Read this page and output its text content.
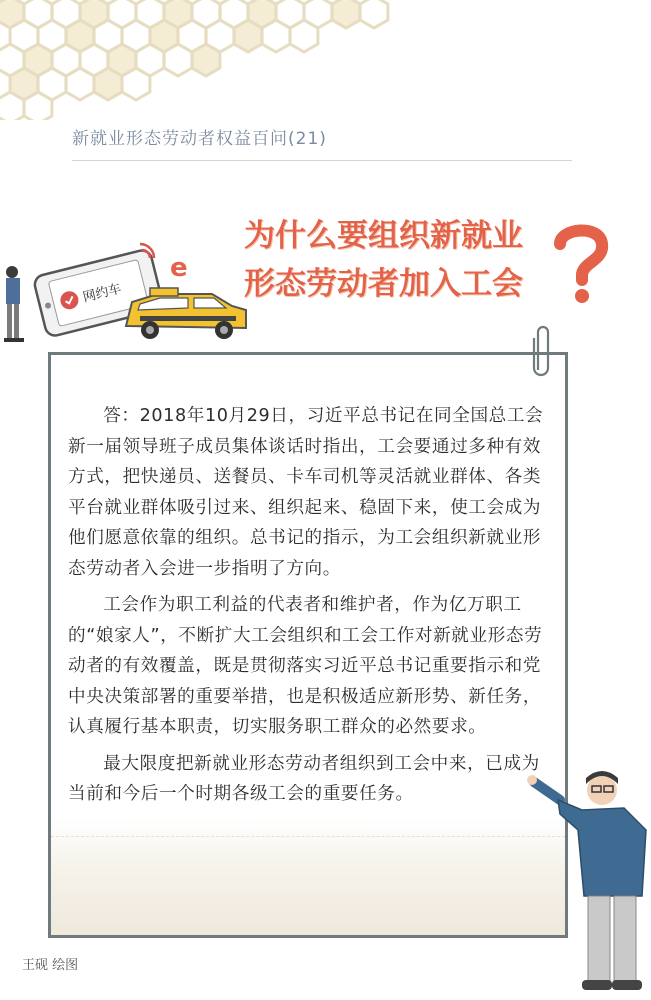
新就业形态劳动者权益百问(21)
为什么要组织新就业
形态劳动者加入工会
网约车
e

答：2018年10月29日，习近平总书记在同全国总工会新一届领导班子成员集体谈话时指出，工会要通过多种有效方式，把快递员、送餐员、卡车司机等灵活就业群体、各类平台就业群体吸引过来、组织起来、稳固下来，使工会成为他们愿意依靠的组织。总书记的指示，为工会组织新就业形态劳动者入会进一步指明了方向。

工会作为职工利益的代表者和维护者，作为亿万职工的“娘家人”，不断扩大工会组织和工会工作对新就业形态劳动者的有效覆盖，既是贯彻落实习近平总书记重要指示和党中央决策部署的重要举措，也是积极适应新形势、新任务，认真履行基本职责，切实服务职工群众的必然要求。

最大限度把新就业形态劳动者组织到工会中来，已成为当前和今后一个时期各级工会的重要任务。

王砚 绘图
